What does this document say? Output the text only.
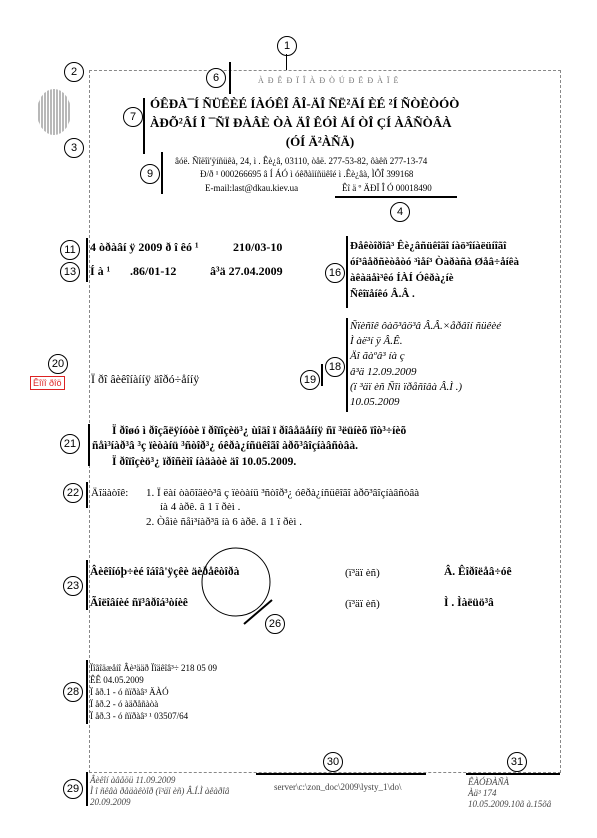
1
2
3
6
7
9
4
11
13	16
18
20
19
21
22
23
26
28
29
30	31
À Ð Ê Ð Ï Î À Ð Ò Ú Ð Ë Ð À Ï Ë
ÓÊÐÀ¯Í ÑÜÊÈÉ ÍÀÓÊÎ ÂÎ-ÄÎ ÑË²ÄÍ ÈÉ ²Í ÑÒÈÒÓÒ
ÀÐÕ²ÂÍ Î ¯ÑÏ ÐÀÂÈ ÒÀ ÄÎ ÊÓÌ ÅÍ ÒÎ ÇÍ ÀÂÑÒÂÀ
(ÓÍ Ä²ÀÑÄ)
âóë. Ñîëîì'ÿíñüêà, 24, ì . Êè¿â, 03110, òåë. 277-53-82, ôàêñ 277-13-74
Ð/ð ¹ 000266695 â Í ÁÓ ì óêðàïíñüêîé ì .Êè¿âà, ÌÔÎ 399168
E-mail:last@dkau.kiev.ua	Êî ä º ÄÐÏ Î Ó 00018490
4 òðàâí ÿ 2009 ð î êó ¹	210/03-10
Í à ¹ .86/01-12	â³ä 27.04.2009
Ðåêòîðîâ³ Êè¿âñüêîãî íàö³îíàëüíîãî
óí³âåðñèòåòó ³ìåí³ Òàðàñà Øåâ÷åíêà
àêàäåì³êó ÍÀÍ Óêðà¿íè
Ñêîïåíêó Â.Â .
Ñïèñîê ôàõ³âö³â Â.Â.×åðâîí ñüêèé
Ì àë³í ÿ Â.Ê.
Äî ãàºâ³ íà ç
â³ä 12.09.2009
(ï ³äï èñ Ñîì ïðåñîâà Â.Ì .)
10.05.2009
Ï ðî âèêîíàííÿ äîðó÷åííÿ
Êîïî ðîö
Ï ðîøó ì ðîçãëÿíóòè ï ðîïîçèö³¿ ùîäî ï ðîâåäåííÿ ñï ³ëüíèõ ïîò³÷íèõ
ñåì³íàð³â ³ç ïèòàíü ³ñòîð³¿ óêðà¿íñüêîãî àðõ³âîçíàâñòâà.
Ï ðîïîçèö³¿ ïðîñèìî íàäàòè äî 10.05.2009.
Äîäàòîê: 1. Ï ëàí òàõîäèò³â ç ïèòàíü ³ñòîð³¿ óêðà¿íñüêîãî àðõ³âîçíàâñòâà
íà 4 àðê. â 1 ï ðèì .
2. Òåìè ñåì³íàð³â íà 6 àðê. â 1 ï ðèì .
Âèêîíóþ÷èé îáîâ'ÿçêè äèðåêòîðà	(ï³äï èñ)	Â. Êîðîëåâ÷óê
Ãîëîâíèé ñï³âðîá³òíèê	(ï³äï èñ)	Ì . Ìàëüö³â
Ïîãîäæåíî Âè³ääð Ïîäêîâ³÷ 218 05 09
ÊÊ 04.05.2009
Ï åð.1 - ó ñïðàâ³ ÄÀÓ
Ï åð.2 - ó àäðåñàòà
Ï åð.3 - ó ñïðàâ³ ¹ 03507/64
Âèêîí àâåöü 11.09.2009
Ì î ñêâà ðåäàêòîð (ï³äï èñ) Â.Í.Ì àêàðîâ
20.09.2009
server\c:\zon_doc\2009\lysty_1\do\	ÊÀÓÐÀÑÀ
Àä³ 174
10.05.2009.10ã à.15õâ
